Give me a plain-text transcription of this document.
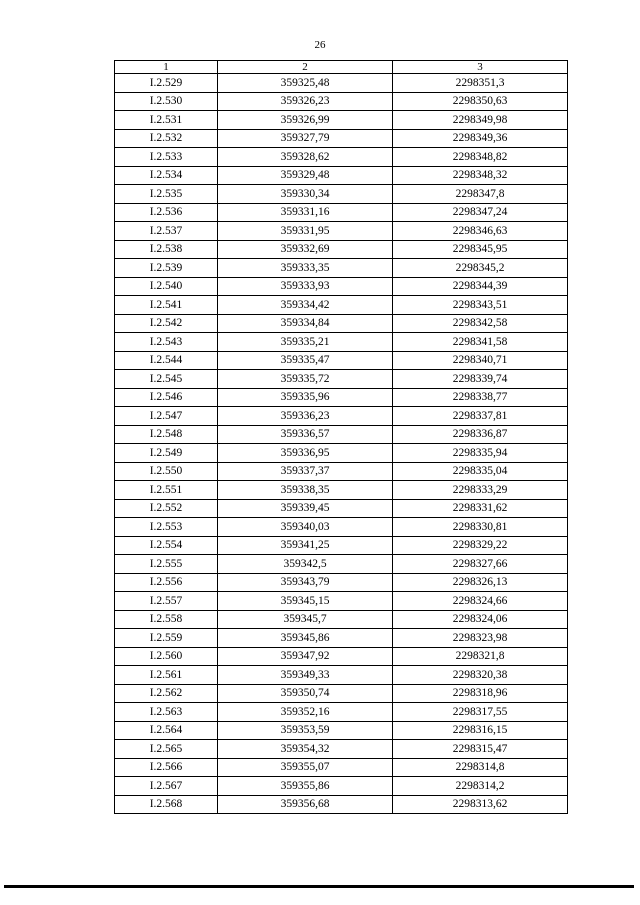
26
1	2	3
I.2.529	359325,48	2298351,3
I.2.530	359326,23	2298350,63
I.2.531	359326,99	2298349,98
I.2.532	359327,79	2298349,36
I.2.533	359328,62	2298348,82
I.2.534	359329,48	2298348,32
I.2.535	359330,34	2298347,8
I.2.536	359331,16	2298347,24
I.2.537	359331,95	2298346,63
I.2.538	359332,69	2298345,95
I.2.539	359333,35	2298345,2
I.2.540	359333,93	2298344,39
I.2.541	359334,42	2298343,51
I.2.542	359334,84	2298342,58
I.2.543	359335,21	2298341,58
I.2.544	359335,47	2298340,71
I.2.545	359335,72	2298339,74
I.2.546	359335,96	2298338,77
I.2.547	359336,23	2298337,81
I.2.548	359336,57	2298336,87
I.2.549	359336,95	2298335,94
I.2.550	359337,37	2298335,04
I.2.551	359338,35	2298333,29
I.2.552	359339,45	2298331,62
I.2.553	359340,03	2298330,81
I.2.554	359341,25	2298329,22
I.2.555	359342,5	2298327,66
I.2.556	359343,79	2298326,13
I.2.557	359345,15	2298324,66
I.2.558	359345,7	2298324,06
I.2.559	359345,86	2298323,98
I.2.560	359347,92	2298321,8
I.2.561	359349,33	2298320,38
I.2.562	359350,74	2298318,96
I.2.563	359352,16	2298317,55
I.2.564	359353,59	2298316,15
I.2.565	359354,32	2298315,47
I.2.566	359355,07	2298314,8
I.2.567	359355,86	2298314,2
I.2.568	359356,68	2298313,62
